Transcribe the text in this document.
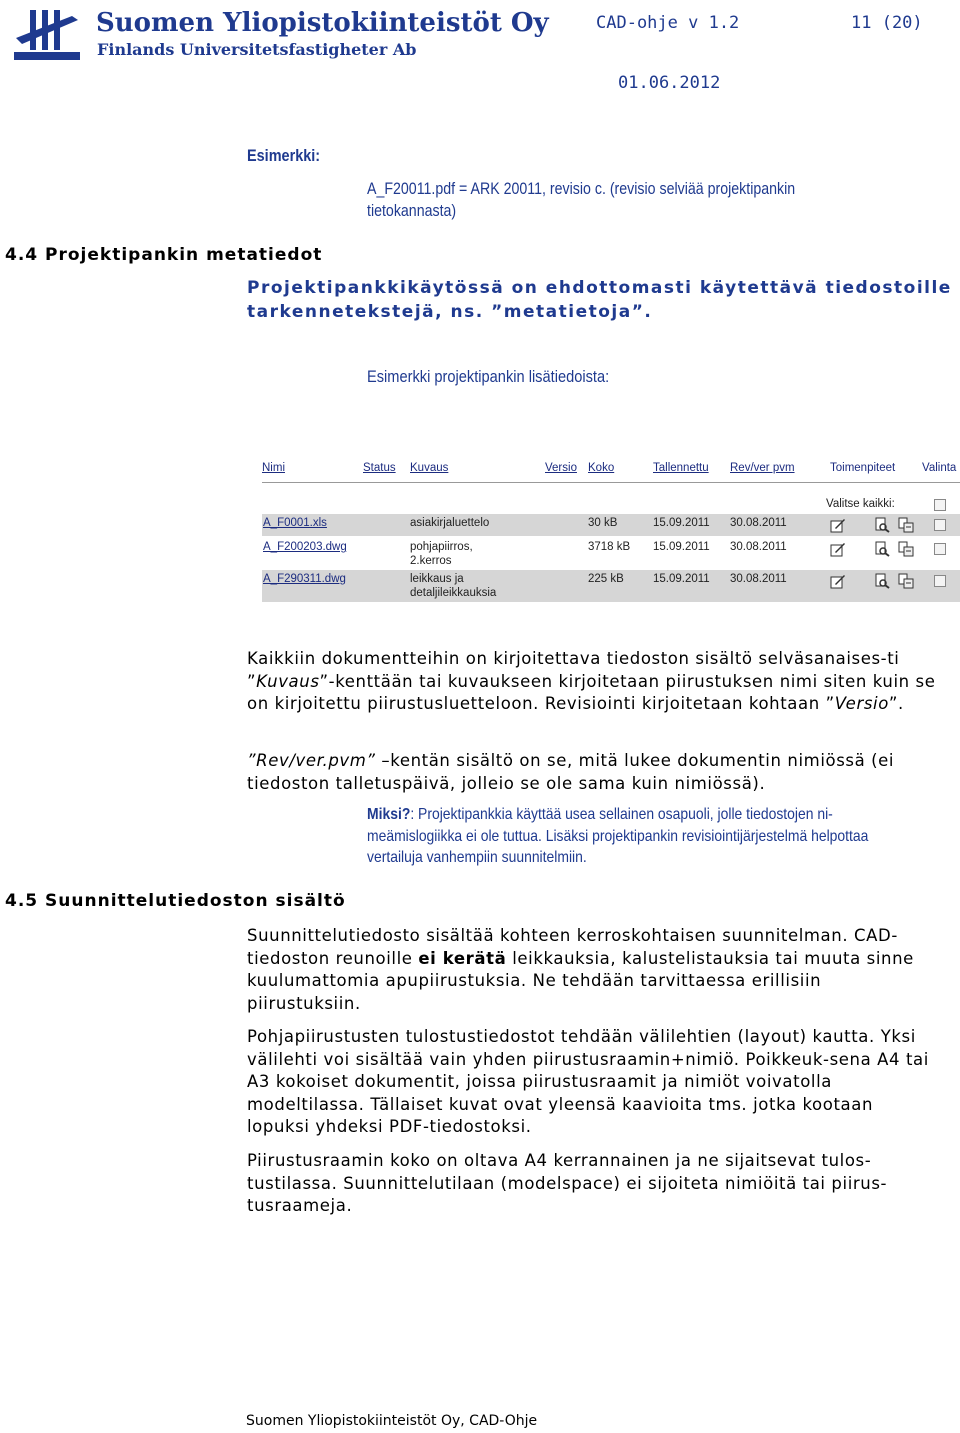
Suomen Yliopistokiinteistöt Oy
Finlands Universitetsfastigheter Ab
CAD-ohje v 1.2	11 (20)
01.06.2012
Esimerkki:
A_F20011.pdf = ARK 20011, revisio c. (revisio selviää projektipankin tietokannasta)
4.4 Projektipankin metatiedot
Projektipankkikäytössä on ehdottomasti käytettävä tiedostoille
tarkennetekstejä, ns. ”metatietoja”.
Esimerkki projektipankin lisätiedoista:
Nimi	Status Kuvaus	Versio Koko	Tallennettu Rev/ver pvm	Toimenpiteet Valinta
Valitse kaikki:
A_F0001.xls	asiakirjaluettelo	30 kB	15.09.2011 30.08.2011
A_F200203.dwg	pohjapiirros,
2.kerros
3718 kB 15.09.2011 30.08.2011
A_F290311.dwg	leikkaus ja
detaljileikkauksia
225 kB	15.09.2011 30.08.2011

Kaikkiin dokumentteihin on kirjoitettava tiedoston sisältö selväsanaises-ti ”Kuvaus”-kenttään tai kuvaukseen kirjoitetaan piirustuksen nimi siten kuin se on kirjoitettu piirustusluetteloon. Revisiointi kirjoitetaan kohtaan ”Versio”.

”Rev/ver.pvm” –kentän sisältö on se, mitä lukee dokumentin nimiössä (ei tiedoston talletuspäivä, jolleio se ole sama kuin nimiössä).

Miksi?: Projektipankkia käyttää usea sellainen osapuoli, jolle tiedostojen ni-meämislogiikka ei ole tuttua. Lisäksi projektipankin revisiointijärjestelmä helpottaa vertailuja vanhempiin suunnitelmiin.
4.5 Suunnittelutiedoston sisältö

Suunnittelutiedosto sisältää kohteen kerroskohtaisen suunnitelman. CAD-tiedoston reunoille ei kerätä leikkauksia, kalustelistauksia tai muuta sinne kuulumattomia apupiirustuksia. Ne tehdään tarvittaessa erillisiin piirustuksiin.

Pohjapiirustusten tulostustiedostot tehdään välilehtien (layout) kautta. Yksi välilehti voi sisältää vain yhden piirustusraamin+nimiö. Poikkeuk-sena A4 tai A3 kokoiset dokumentit, joissa piirustusraamit ja nimiöt voivatolla modeltilassa. Tällaiset kuvat ovat yleensä kaavioita tms. jotka kootaan lopuksi yhdeksi PDF-tiedostoksi.
Piirustusraamin koko on oltava A4 kerrannainen ja ne sijaitsevat tulos-tustilassa. Suunnittelutilaan (modelspace) ei sijoiteta nimiöitä tai piirus-tusraameja.
Suomen Yliopistokiinteistöt Oy, CAD-Ohje
